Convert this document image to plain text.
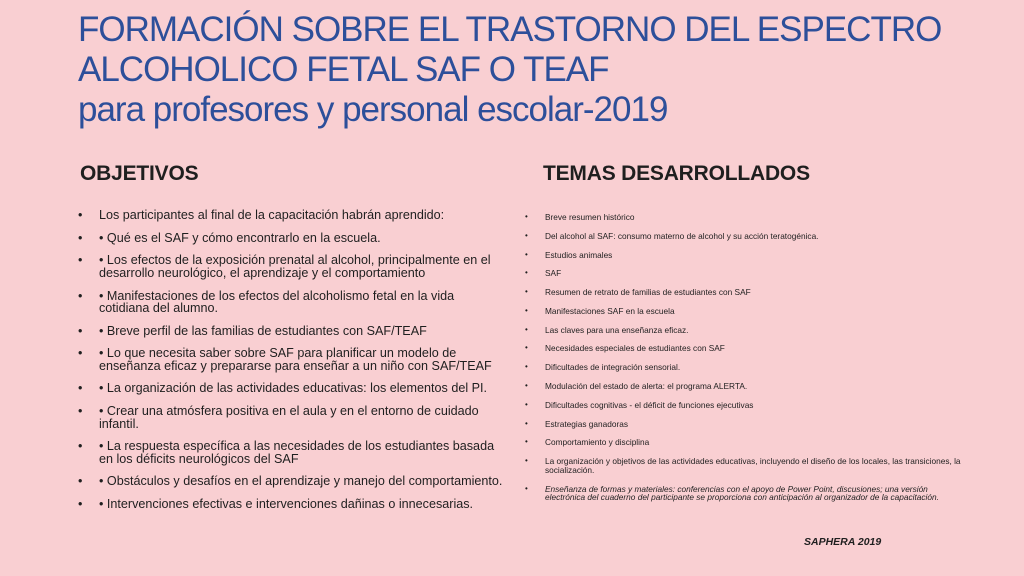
FORMACIÓN SOBRE EL TRASTORNO DEL ESPECTRO
ALCOHOLICO FETAL SAF O TEAF
para profesores y personal escolar-2019
OBJETIVOS	TEMAS DESARROLLADOS
• Los participantes al final de la capacitación habrán aprendido:
• • Qué es el SAF y cómo encontrarlo en la escuela.
• • Los efectos de la exposición prenatal al alcohol, principalmente en el desarrollo neurológico, el aprendizaje y el comportamiento
• • Manifestaciones de los efectos del alcoholismo fetal en la vida cotidiana del alumno.
• • Breve perfil de las familias de estudiantes con SAF/TEAF
• • Lo que necesita saber sobre SAF para planificar un modelo de enseñanza eficaz y prepararse para enseñar a un niño con SAF/TEAF
• • La organización de las actividades educativas: los elementos del PI.
• • Crear una atmósfera positiva en el aula y en el entorno de cuidado infantil.
• • La respuesta específica a las necesidades de los estudiantes basada en los déficits neurológicos del SAF
• • Obstáculos y desafíos en el aprendizaje y manejo del comportamiento.
• • Intervenciones efectivas e intervenciones dañinas o innecesarias.
• Breve resumen histórico
• Del alcohol al SAF: consumo materno de alcohol y su acción teratogénica.
• Estudios animales
• SAF
• Resumen de retrato de familias de estudiantes con SAF
• Manifestaciones SAF en la escuela
• Las claves para una enseñanza eficaz.
• Necesidades especiales de estudiantes con SAF
• Dificultades de integración sensorial.
• Modulación del estado de alerta: el programa ALERTA.
• Dificultades cognitivas - el déficit de funciones ejecutivas
• Estrategias ganadoras
• Comportamiento y disciplina
• La organización y objetivos de las actividades educativas, incluyendo el diseño de los locales, las transiciones, la socialización.
• Enseñanza de formas y materiales: conferencias con el apoyo de Power Point, discusiones; una versión electrónica del cuaderno del participante se proporciona con anticipación al organizador de la capacitación.
SAPHERA 2019
